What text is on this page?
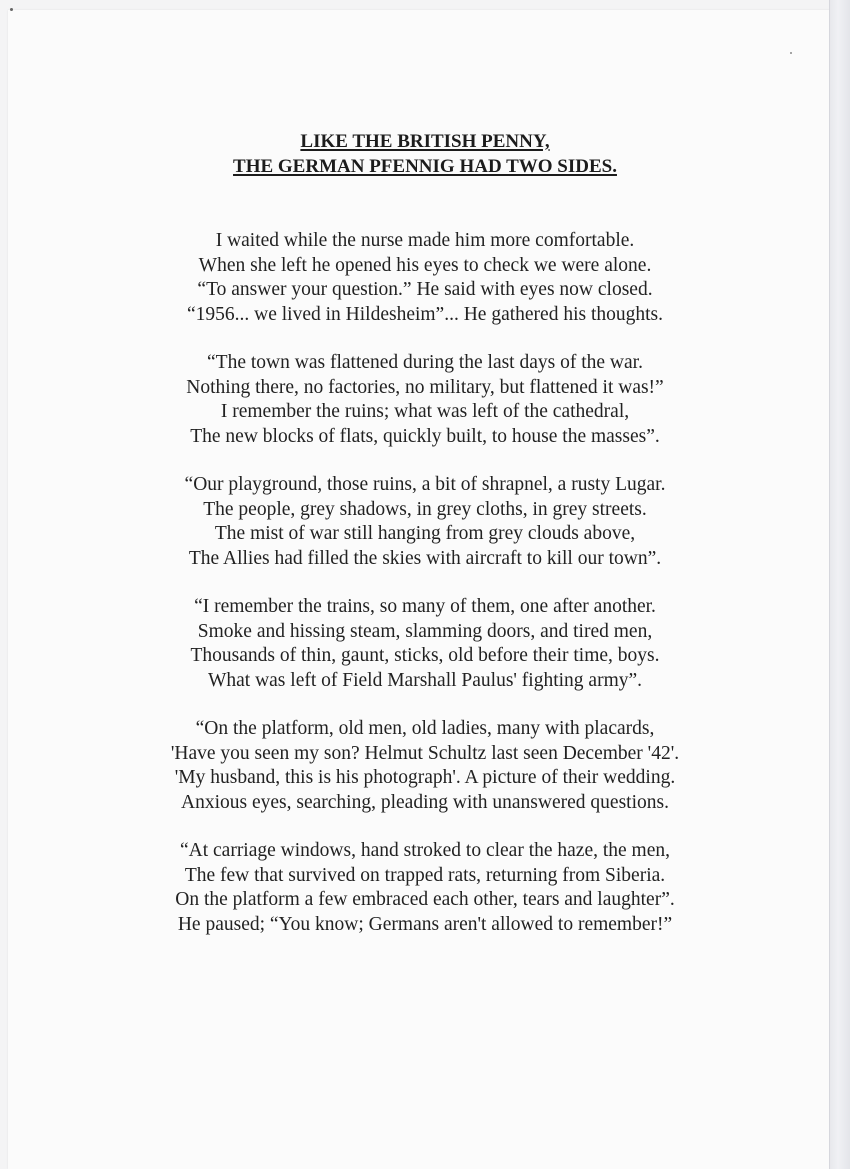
LIKE THE BRITISH PENNY,
THE GERMAN PFENNIG HAD TWO SIDES.
I waited while the nurse made him more comfortable.
When she left he opened his eyes to check we were alone.
“To answer your question.” He said with eyes now closed.
“1956... we lived in Hildesheim”... He gathered his thoughts.
“The town was flattened during the last days of the war.
Nothing there, no factories, no military, but flattened it was!”
I remember the ruins; what was left of the cathedral,
The new blocks of flats, quickly built, to house the masses”.
“Our playground, those ruins, a bit of shrapnel, a rusty Lugar.
The people, grey shadows, in grey cloths, in grey streets.
The mist of war still hanging from grey clouds above,
The Allies had filled the skies with aircraft to kill our town”.
“I remember the trains, so many of them, one after another.
Smoke and hissing steam, slamming doors, and tired men,
Thousands of thin, gaunt, sticks, old before their time, boys.
What was left of Field Marshall Paulus' fighting army”.
“On the platform, old men, old ladies, many with placards,
'Have you seen my son? Helmut Schultz last seen December '42'.
'My husband, this is his photograph'. A picture of their wedding.
Anxious eyes, searching, pleading with unanswered questions.
“At carriage windows, hand stroked to clear the haze, the men,
The few that survived on trapped rats, returning from Siberia.
On the platform a few embraced each other, tears and laughter”.
He paused; “You know; Germans aren't allowed to remember!”
